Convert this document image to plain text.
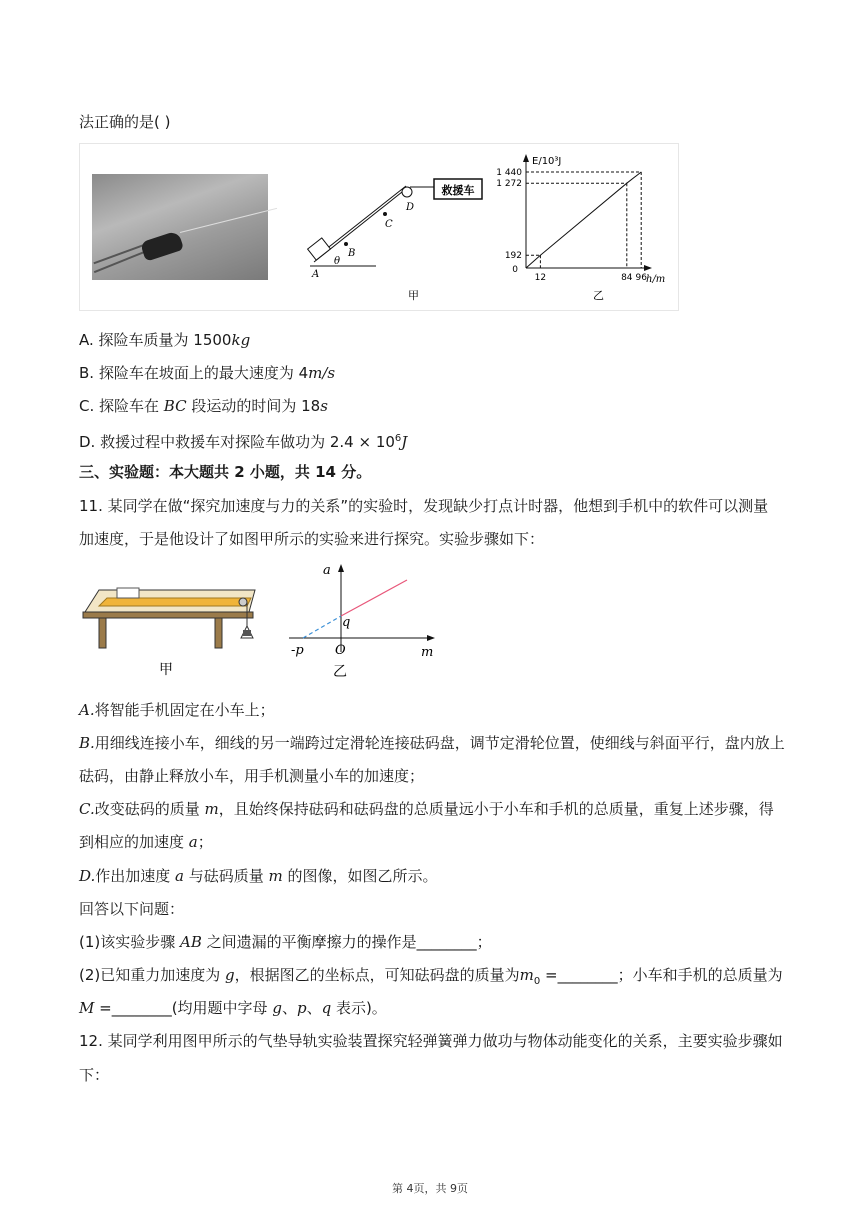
法正确的是( )
救援车
A
B
C
D
θ
甲
E/10³J
h/m
0
12
192
84
1 272
96
1 440
乙
A. 探险车质量为 1500kg
B. 探险车在坡面上的最大速度为 4m/s
C. 探险车在 BC 段运动的时间为 18s
D. 救援过程中救援车对探险车做功为 $2.4 \times 10^6J$
三、实验题：本大题共 2 小题，共 14 分。
11. 某同学在做“探究加速度与力的关系”的实验时，发现缺少打点计时器，他想到手机中的软件可以测量
加速度，于是他设计了如图甲所示的实验来进行探究。实验步骤如下：
甲
a
m
O
q
-p
乙
A.将智能手机固定在小车上；
B.用细线连接小车，细线的另一端跨过定滑轮连接砝码盘，调节定滑轮位置，使细线与斜面平行，盘内放上
砝码，由静止释放小车，用手机测量小车的加速度；
C.改变砝码的质量 m，且始终保持砝码和砝码盘的总质量远小于小车和手机的总质量，重复上述步骤，得
到相应的加速度 a；
D.作出加速度 a 与砝码质量 m 的图像，如图乙所示。
回答以下问题：
(1)该实验步骤 AB 之间遗漏的平衡摩擦力的操作是________；
(2)已知重力加速度为 g，根据图乙的坐标点，可知砝码盘的质量为$m_0$ =________；小车和手机的总质量为
M =________(均用题中字母 g、p、q 表示)。
12. 某同学利用图甲所示的气垫导轨实验装置探究轻弹簧弹力做功与物体动能变化的关系，主要实验步骤如
下：
第 4页，共 9页
